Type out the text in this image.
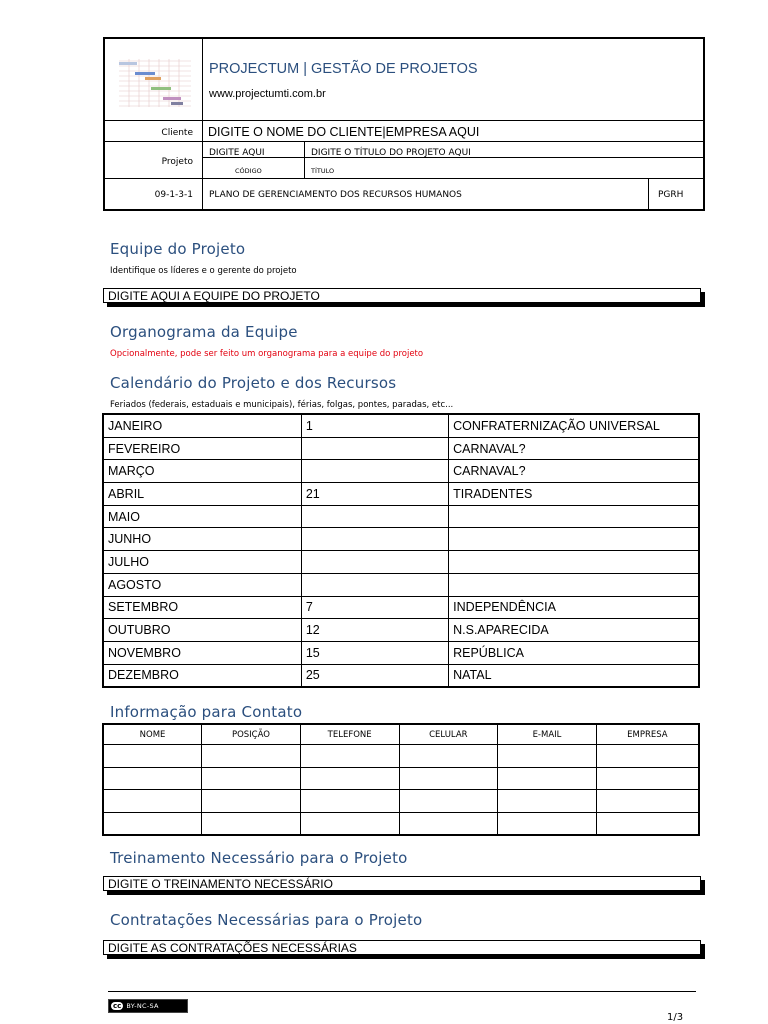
PROJECTUM | GESTÃO DE PROJETOS
www.projectumti.com.br
Cliente DIGITE O NOME DO CLIENTE|EMPRESA AQUI
Projeto
DIGITE AQUI	DIGITE O TÍTULO DO PROJETO AQUI
CÓDIGO	TÍTULO
09-1-3-1 PLANO DE GERENCIAMENTO DOS RECURSOS HUMANOS	PGRH
Equipe do Projeto
Identifique os líderes e o gerente do projeto
DIGITE AQUI A EQUIPE DO PROJETO
Organograma da Equipe
Opcionalmente, pode ser feito um organograma para a equipe do projeto
Calendário do Projeto e dos Recursos
Feriados (federais, estaduais e municipais), férias, folgas, pontes, paradas, etc...
JANEIRO	1	CONFRATERNIZAÇÃO UNIVERSAL
FEVEREIRO		CARNAVAL?
MARÇO		CARNAVAL?
ABRIL	21	TIRADENTES
MAIO		
JUNHO		
JULHO		
AGOSTO		
SETEMBRO	7	INDEPENDÊNCIA
OUTUBRO	12	N.S.APARECIDA
NOVEMBRO	15	REPÚBLICA
DEZEMBRO	25	NATAL
Informação para Contato
NOME	POSIÇÃO	TELEFONE	CELULAR	E-MAIL	EMPRESA

Treinamento Necessário para o Projeto
DIGITE O TREINAMENTO NECESSÁRIO
Contratações Necessárias para o Projeto
DIGITE AS CONTRATAÇÕES NECESSÁRIAS
cc BY-NC-SA
1/3
